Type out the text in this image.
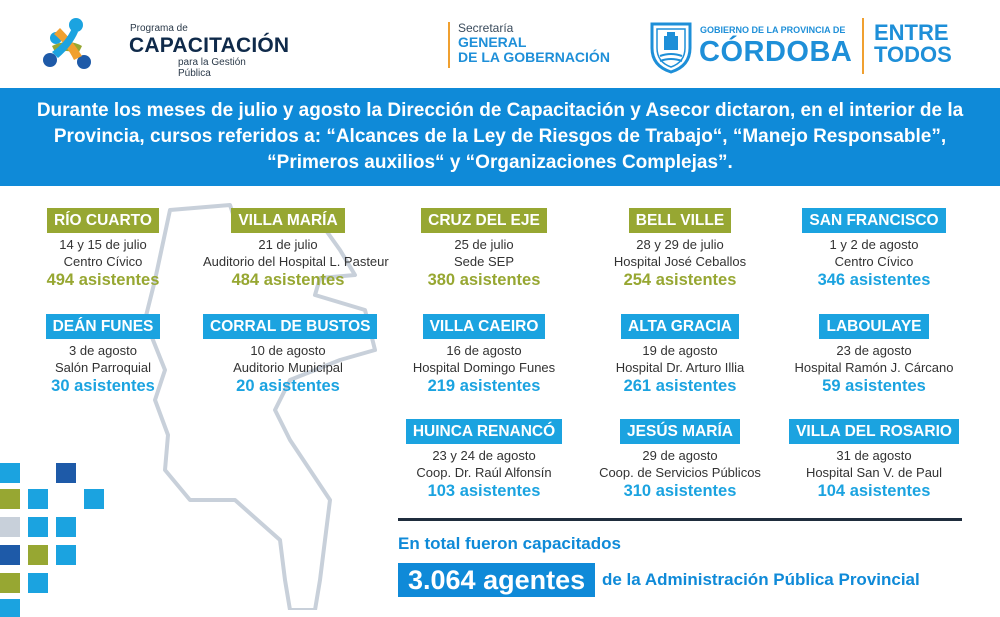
Programa de
CAPACITACIÓN
para la Gestión Pública
Secretaría
GENERAL
DE LA GOBERNACIÓN
GOBIERNO DE LA PROVINCIA DE
CÓRDOBA
ENTRE
TODOS
Durante los meses de julio y agosto la Dirección de Capacitación y Asecor dictaron, en el interior de la Provincia, cursos referidos a: “Alcances de la Ley de Riesgos de Trabajo“, “Manejo Responsable”, “Primeros auxilios“ y “Organizaciones Complejas”.
RÍO CUARTO
14 y 15 de julio
Centro Cívico
494 asistentes
VILLA MARÍA
21 de julio
Auditorio del Hospital L. Pasteur
484 asistentes
CRUZ DEL EJE
25 de julio
Sede SEP
380 asistentes
BELL VILLE
28 y 29 de julio
Hospital José Ceballos
254 asistentes
SAN FRANCISCO
1 y 2 de agosto
Centro Cívico
346 asistentes
DEÁN FUNES
3 de agosto
Salón Parroquial
30 asistentes
CORRAL DE BUSTOS
10 de agosto
Auditorio Municipal
20 asistentes
VILLA CAEIRO
16 de agosto
Hospital Domingo Funes
219 asistentes
ALTA GRACIA
19 de agosto
Hospital Dr. Arturo Illia
261 asistentes
LABOULAYE
23 de agosto
Hospital Ramón J. Cárcano
59 asistentes
HUINCA RENANCÓ
23 y 24 de agosto
Coop. Dr. Raúl Alfonsín
103 asistentes
JESÚS MARÍA
29 de agosto
Coop. de Servicios Públicos
310 asistentes
VILLA DEL ROSARIO
31 de agosto
Hospital San V. de Paul
104 asistentes
En total fueron capacitados
3.064 agentes de la Administración Pública Provincial
